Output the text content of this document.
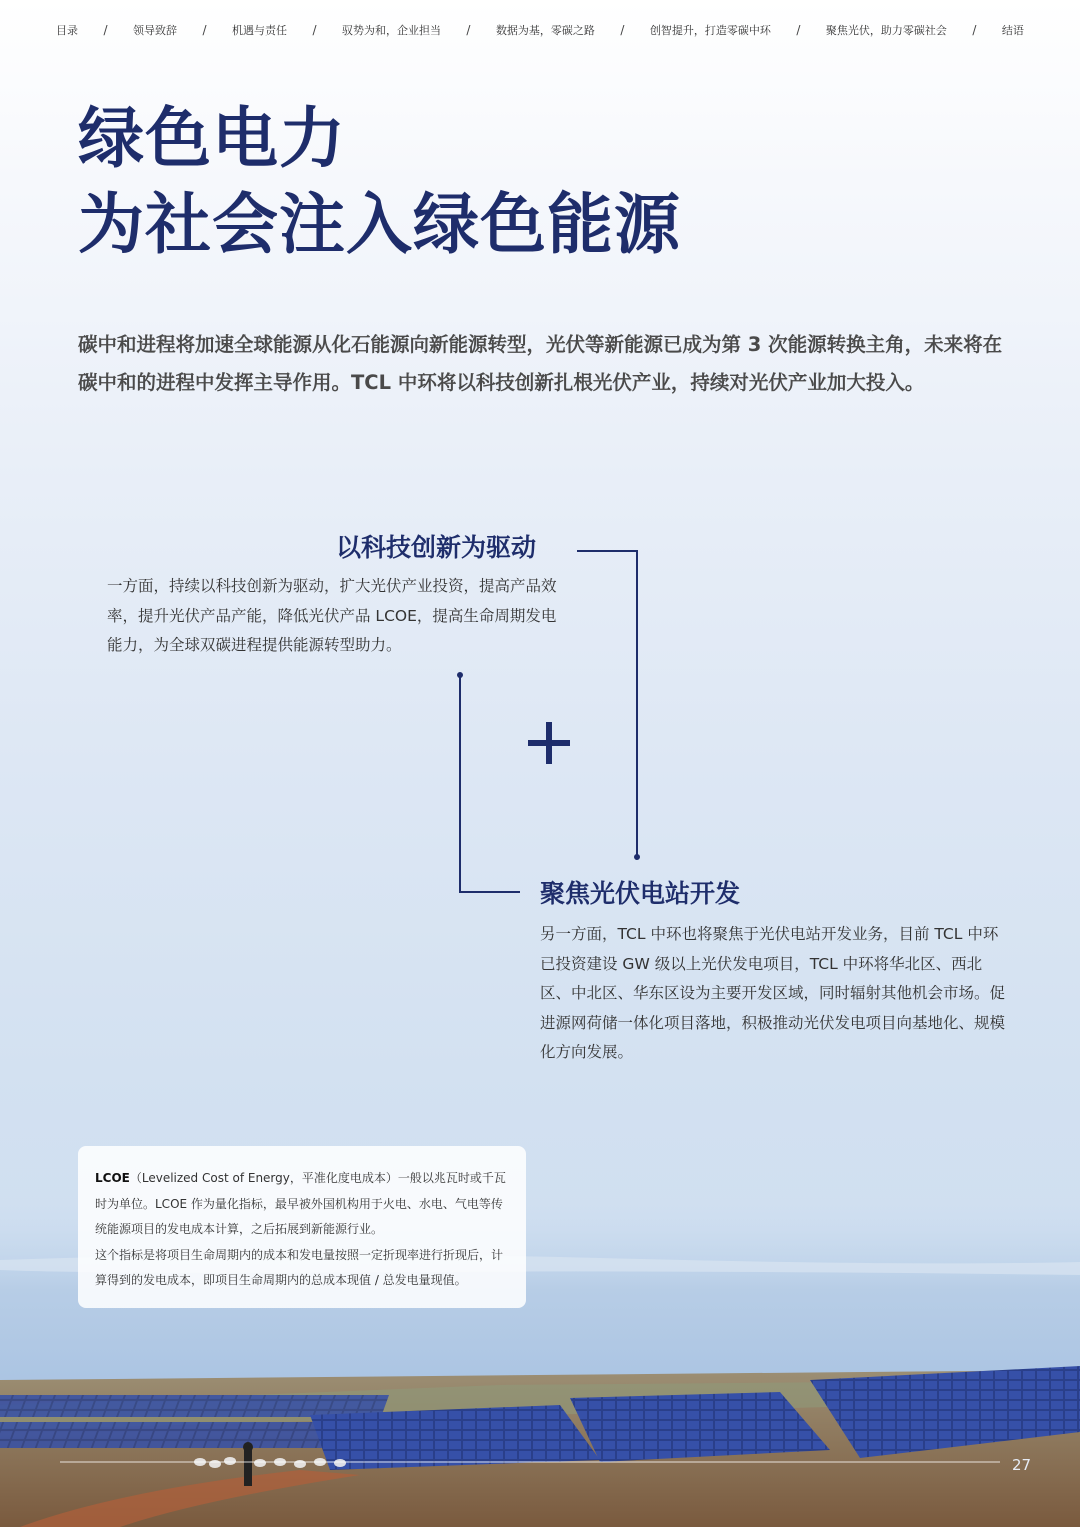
目录 / 领导致辞 / 机遇与责任 / 驭势为和，企业担当 / 数据为基，零碳之路 / 创智提升，打造零碳中环 / 聚焦光伏，助力零碳社会 / 结语
绿色电力
为社会注入绿色能源
碳中和进程将加速全球能源从化石能源向新能源转型，光伏等新能源已成为第 3 次能源转换主角，未来将在碳中和的进程中发挥主导作用。TCL 中环将以科技创新扎根光伏产业，持续对光伏产业加大投入。
以科技创新为驱动
一方面，持续以科技创新为驱动，扩大光伏产业投资，提高产品效率，提升光伏产品产能，降低光伏产品 LCOE，提高生命周期发电能力，为全球双碳进程提供能源转型助力。
聚焦光伏电站开发
另一方面，TCL 中环也将聚焦于光伏电站开发业务，目前 TCL 中环已投资建设 GW 级以上光伏发电项目，TCL 中环将华北区、西北区、中北区、华东区设为主要开发区域，同时辐射其他机会市场。促进源网荷储一体化项目落地，积极推动光伏发电项目向基地化、规模化方向发展。
LCOE（Levelized Cost of Energy，平准化度电成本）一般以兆瓦时或千瓦时为单位。LCOE 作为量化指标，最早被外国机构用于火电、水电、气电等传统能源项目的发电成本计算，之后拓展到新能源行业。
这个指标是将项目生命周期内的成本和发电量按照一定折现率进行折现后，计算得到的发电成本，即项目生命周期内的总成本现值 / 总发电量现值。
27
